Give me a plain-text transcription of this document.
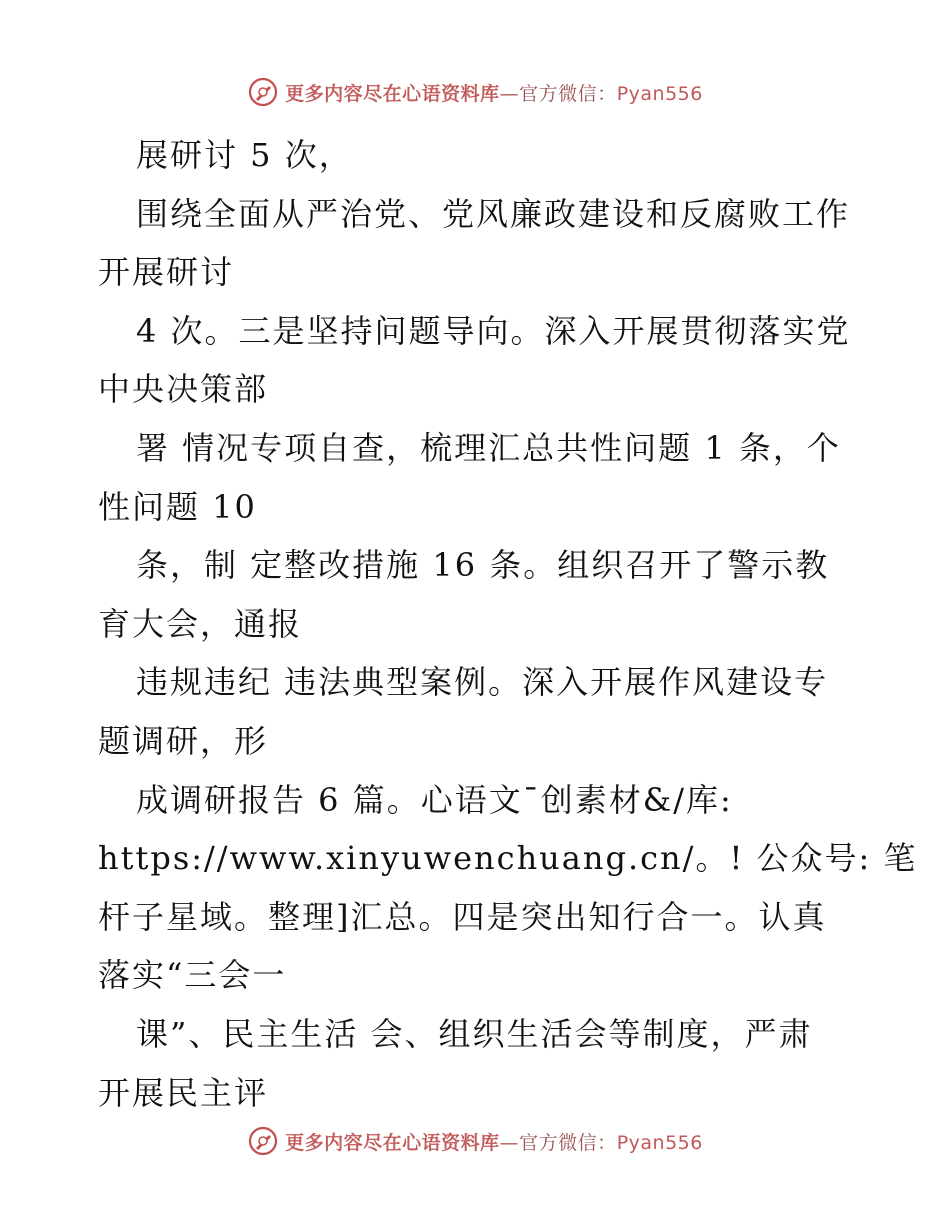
更多内容尽在心语资料库—官方微信：Pyan556
展研讨 5 次，
围绕全面从严治党、党风廉政建设和反腐败工作
开展研讨
4 次。三是坚持问题导向。深入开展贯彻落实党
中央决策部
署 情况专项自查，梳理汇总共性问题 1 条，个
性问题 10
条，制 定整改措施 16 条。组织召开了警示教
育大会，通报
违规违纪 违法典型案例。深入开展作风建设专
题调研，形
成调研报告 6 篇。心语文¯创素材&/库:
https://www.xinyuwenchuang.cn/。! 公众号: 笔
杆子星域。整理]汇总。四是突出知行合一。认真
落实“三会一
课”、民主生活 会、组织生活会等制度，严肃
开展民主评
更多内容尽在心语资料库—官方微信：Pyan556
